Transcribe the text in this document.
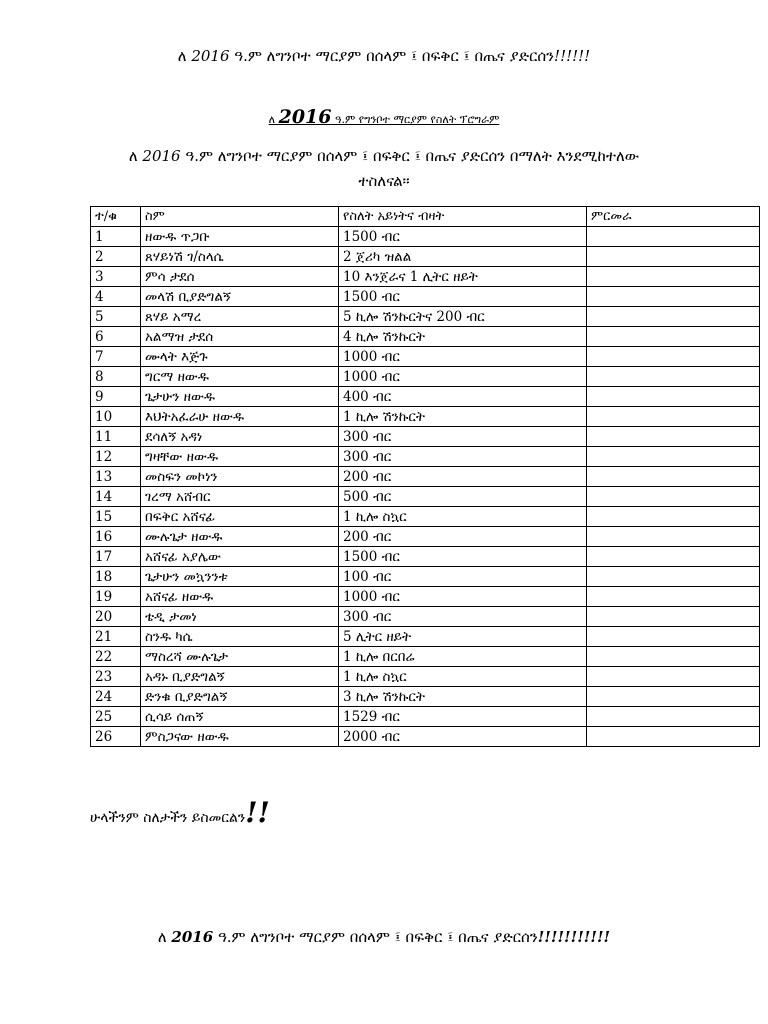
ለ 2016 ዓ.ም ለግንቦተ ማርያም በሰላም ፤ በፍቅር ፤ በጤና ያድርሰን!!!!!!
ለ 2016 ዓ.ም የግንቦተ ማርያም የስለት ፕሮግራም
ለ 2016 ዓ.ም ለግንቦተ ማርያም በሰላም ፤ በፍቅር ፤ በጤና ያድርሰን በማለት እንደሚከተለው
ተስለናል።
ተ/ቁ	ስም	የስለት አይነትና ብዛት	ምርመራ
1	ዘውዱ ጥጋቡ	1500 ብር	
2	ጸሃይነሽ ገ/ስላሴ	2 ጀሪካ ዝልል	
3	ምሳ ታደሰ	10 እንጀራና 1 ሊትር ዘይት	
4	መላሽ ቢያድግልኝ	1500 ብር	
5	ጸሃይ አማረ	5 ኪሎ ሽንኩርትና 200 ብር	
6	አልማዝ ታደሰ	4 ኪሎ ሽንኩርት	
7	ሙላት እጅጉ	1000 ብር	
8	ግርማ ዘውዱ	1000 ብር	
9	ጌታሁን ዘውዱ	400 ብር	
10	እህትአፈራሁ ዘውዱ	1 ኪሎ ሽንኩርት	
11	ደሳለኝ አዳነ	300 ብር	
12	ግዛቸው ዘውዱ	300 ብር	
13	መስፍን መኮነን	200 ብር	
14	ገረማ አሸብር	500 ብር	
15	በፍቅር አሸናፊ	1 ኪሎ ስኳር	
16	ሙሉጌታ ዘውዱ	200 ብር	
17	አሸናፊ አያሌው	1500 ብር	
18	ጌታሁን መኳንንቱ	100 ብር	
19	አሸናፊ ዘውዱ	1000 ብር	
20	ቴዲ ታመነ	300 ብር	
21	ስንዱ ካሴ	5 ሊትር ዘይት	
22	ማስረሻ ሙሉጌታ	1 ኪሎ በርበሬ	
23	አዳኑ ቢያድግልኝ	1 ኪሎ ስኳር	
24	ድንቁ ቢያድግልኝ	3 ኪሎ ሽንኩርት	
25	ሲሳይ ሰጠኝ	1529 ብር	
26	ምስጋናው ዘውዱ	2000 ብር	
ሁላችንም ስለታችን ይስመርልን!!
ለ 2016 ዓ.ም ለግንቦተ ማርያም በሰላም ፤ በፍቅር ፤ በጤና ያድርሰን!!!!!!!!!!!
